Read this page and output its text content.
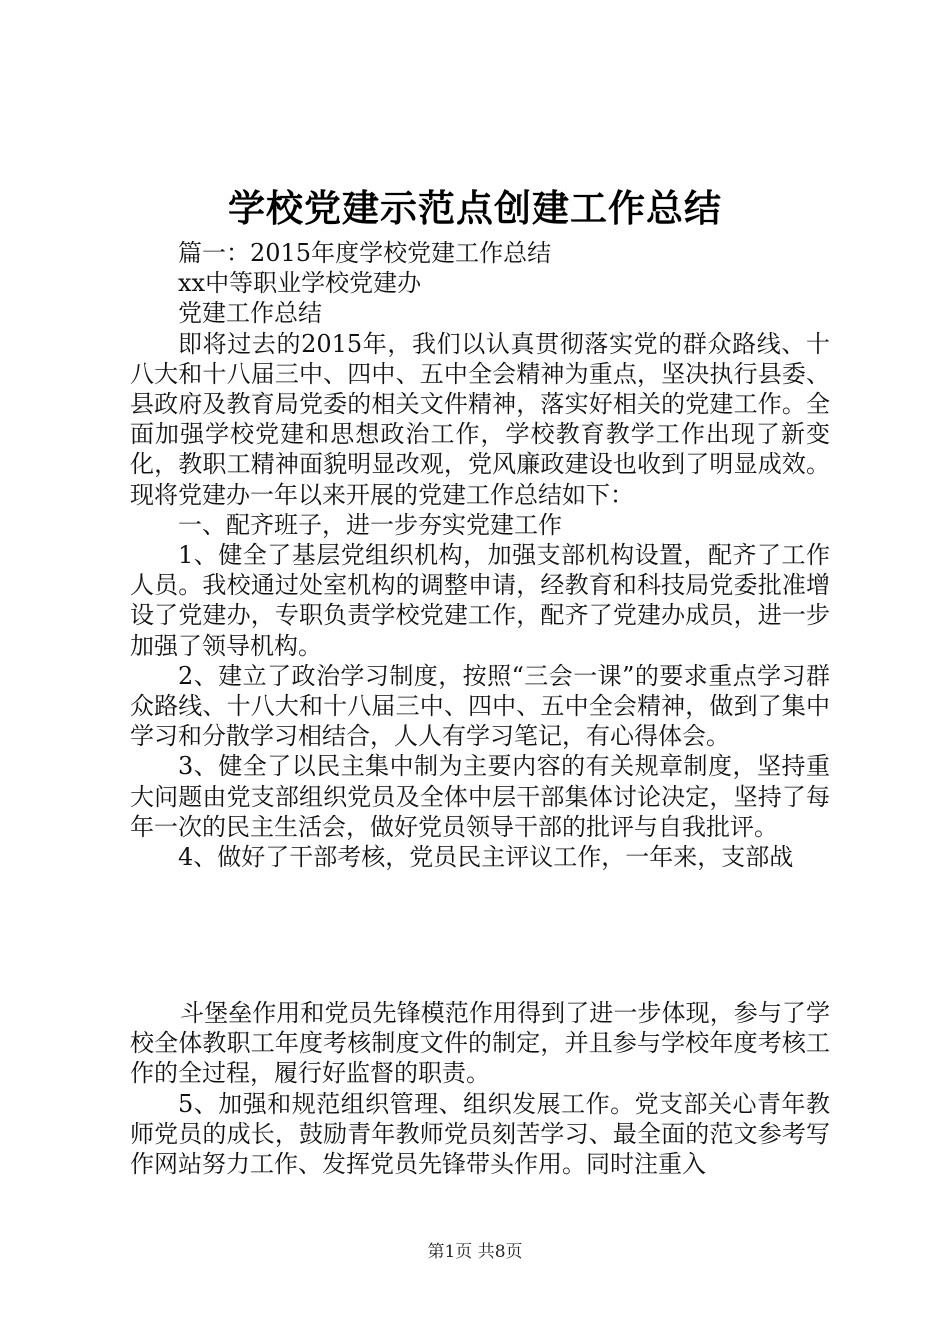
学校党建示范点创建工作总结

篇一：2015年度学校党建工作总结

xx中等职业学校党建办

党建工作总结

即将过去的2015年，我们以认真贯彻落实党的群众路线、十八大和十八届三中、四中、五中全会精神为重点，坚决执行县委、县政府及教育局党委的相关文件精神，落实好相关的党建工作。全面加强学校党建和思想政治工作，学校教育教学工作出现了新变化，教职工精神面貌明显改观，党风廉政建设也收到了明显成效。现将党建办一年以来开展的党建工作总结如下：

一、配齐班子，进一步夯实党建工作

1、健全了基层党组织机构，加强支部机构设置，配齐了工作人员。我校通过处室机构的调整申请，经教育和科技局党委批准增设了党建办，专职负责学校党建工作，配齐了党建办成员，进一步加强了领导机构。

2、建立了政治学习制度，按照“三会一课”的要求重点学习群众路线、十八大和十八届三中、四中、五中全会精神，做到了集中学习和分散学习相结合，人人有学习笔记，有心得体会。

3、健全了以民主集中制为主要内容的有关规章制度，坚持重大问题由党支部组织党员及全体中层干部集体讨论决定，坚持了每年一次的民主生活会，做好党员领导干部的批评与自我批评。

4、做好了干部考核，党员民主评议工作，一年来，支部战

斗堡垒作用和党员先锋模范作用得到了进一步体现，参与了学校全体教职工年度考核制度文件的制定，并且参与学校年度考核工作的全过程，履行好监督的职责。

5、加强和规范组织管理、组织发展工作。党支部关心青年教师党员的成长，鼓励青年教师党员刻苦学习、最全面的范文参考写作网站努力工作、发挥党员先锋带头作用。同时注重入

第1页 共8页
